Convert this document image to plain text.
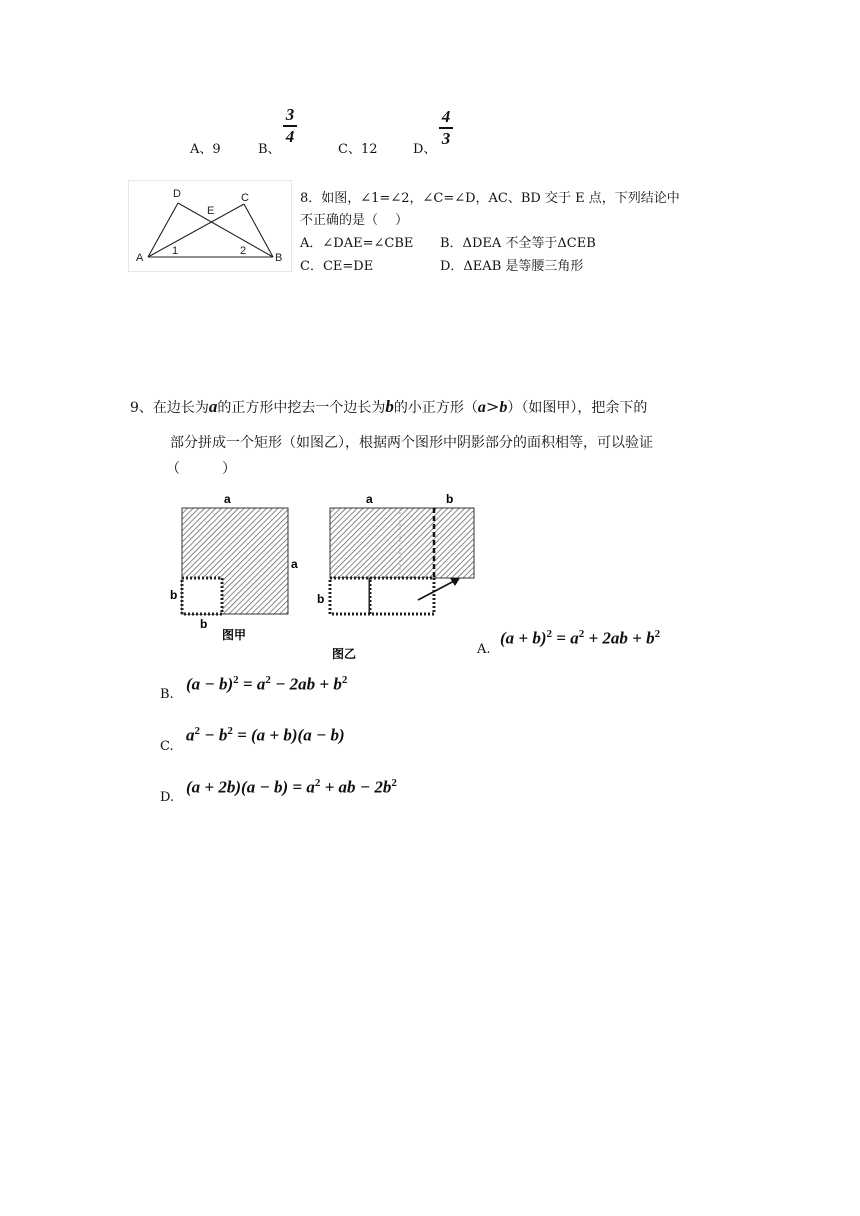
A、9	B、
3
4
C、12	D、
4
3
D	C
E
A
1	2
B
8．如图，∠1=∠2，∠C=∠D，AC、BD 交于 E 点，下列结论中
不正确的是（　 ）
A．∠DAE=∠CBE B．ΔDEA 不全等于ΔCEB
C．CE=DE	D．ΔEAB 是等腰三角形
9、在边长为a的正方形中挖去一个边长为b的小正方形（a>b）（如图甲），把余下的
部分拼成一个矩形（如图乙），根据两个图形中阴影部分的面积相等，可以验证
（　　　）
a
a
b
b
图甲
a	b
b
图乙	A.
$(a + b)^2 = a^2 + 2ab + b^2$
B.
$(a - b)^2 = a^2 - 2ab + b^2$
C.
$a^2 - b^2 = (a + b)(a - b)$
D.
$(a + 2b)(a - b) = a^2$ + ab − $2b^2$
